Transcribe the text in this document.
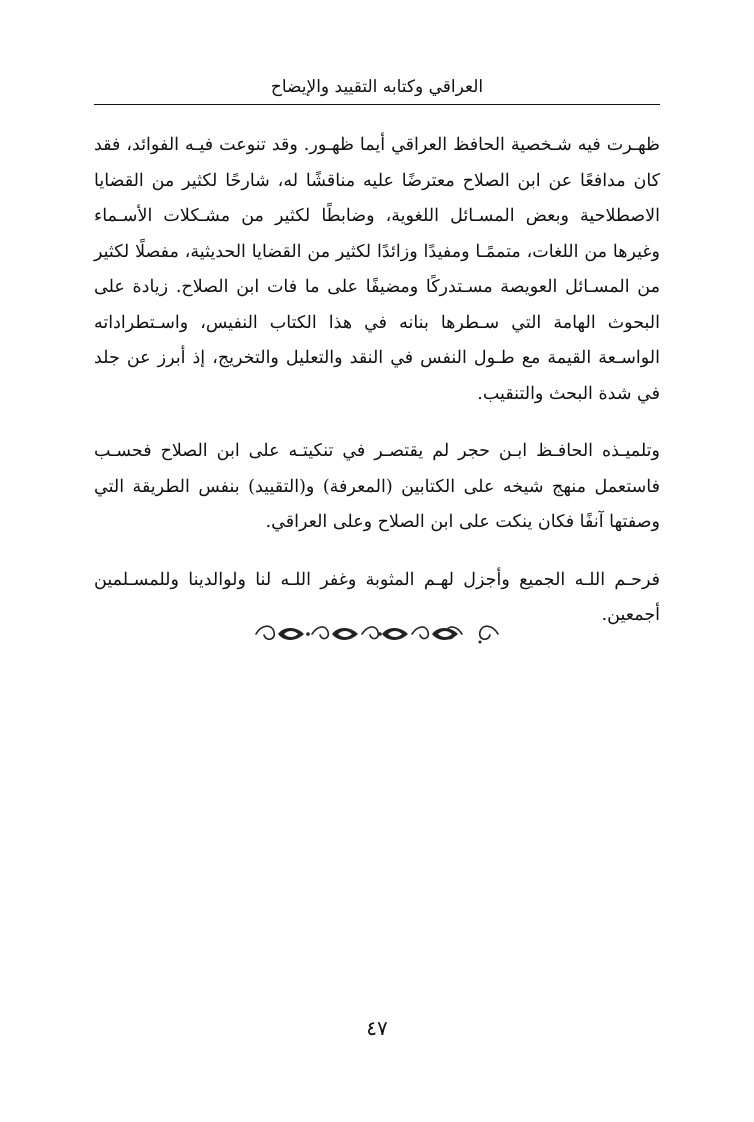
العراقي وكتابه التقييد والإيضاح

ظهـرت فيه شـخصية الحافظ العراقي أيما ظهـور. وقد تنوعت فيـه الفوائد، فقد كان مدافعًا عن ابن الصلاح معترضًا عليه مناقشًا له، شارحًا لكثير من القضايا الاصطلاحية وبعض المسـائل اللغوية، وضابطًا لكثير من مشـكلات الأسـماء وغيرها من اللغات، متممًـا ومفيدًا وزائدًا لكثير من القضايا الحديثية، مفصلًا لكثير من المسـائل العويصة مسـتدركًا ومضيفًا على ما فات ابن الصلاح. زيادة على البحوث الهامة التي سـطرها بنانه في هذا الكتاب النفيس، واسـتطراداته الواسـعة القيمة مع طـول النفس في النقد والتعليل والتخريج، إذ أبرز عن جلد في شدة البحث والتنقيب.

وتلميـذه الحافـظ ابـن حجر لم يقتصـر في تنكيتـه على ابن الصلاح فحسـب فاستعمل منهج شيخه على الكتابين (المعرفة) و(التقييد) بنفس الطريقة التي وصفتها آنفًا فكان ينكت على ابن الصلاح وعلى العراقي.

فرحـم اللـه الجميع وأجزل لهـم المثوبة وغفر اللـه لنا ولوالدينا وللمسـلمين أجمعين.

٤٧
